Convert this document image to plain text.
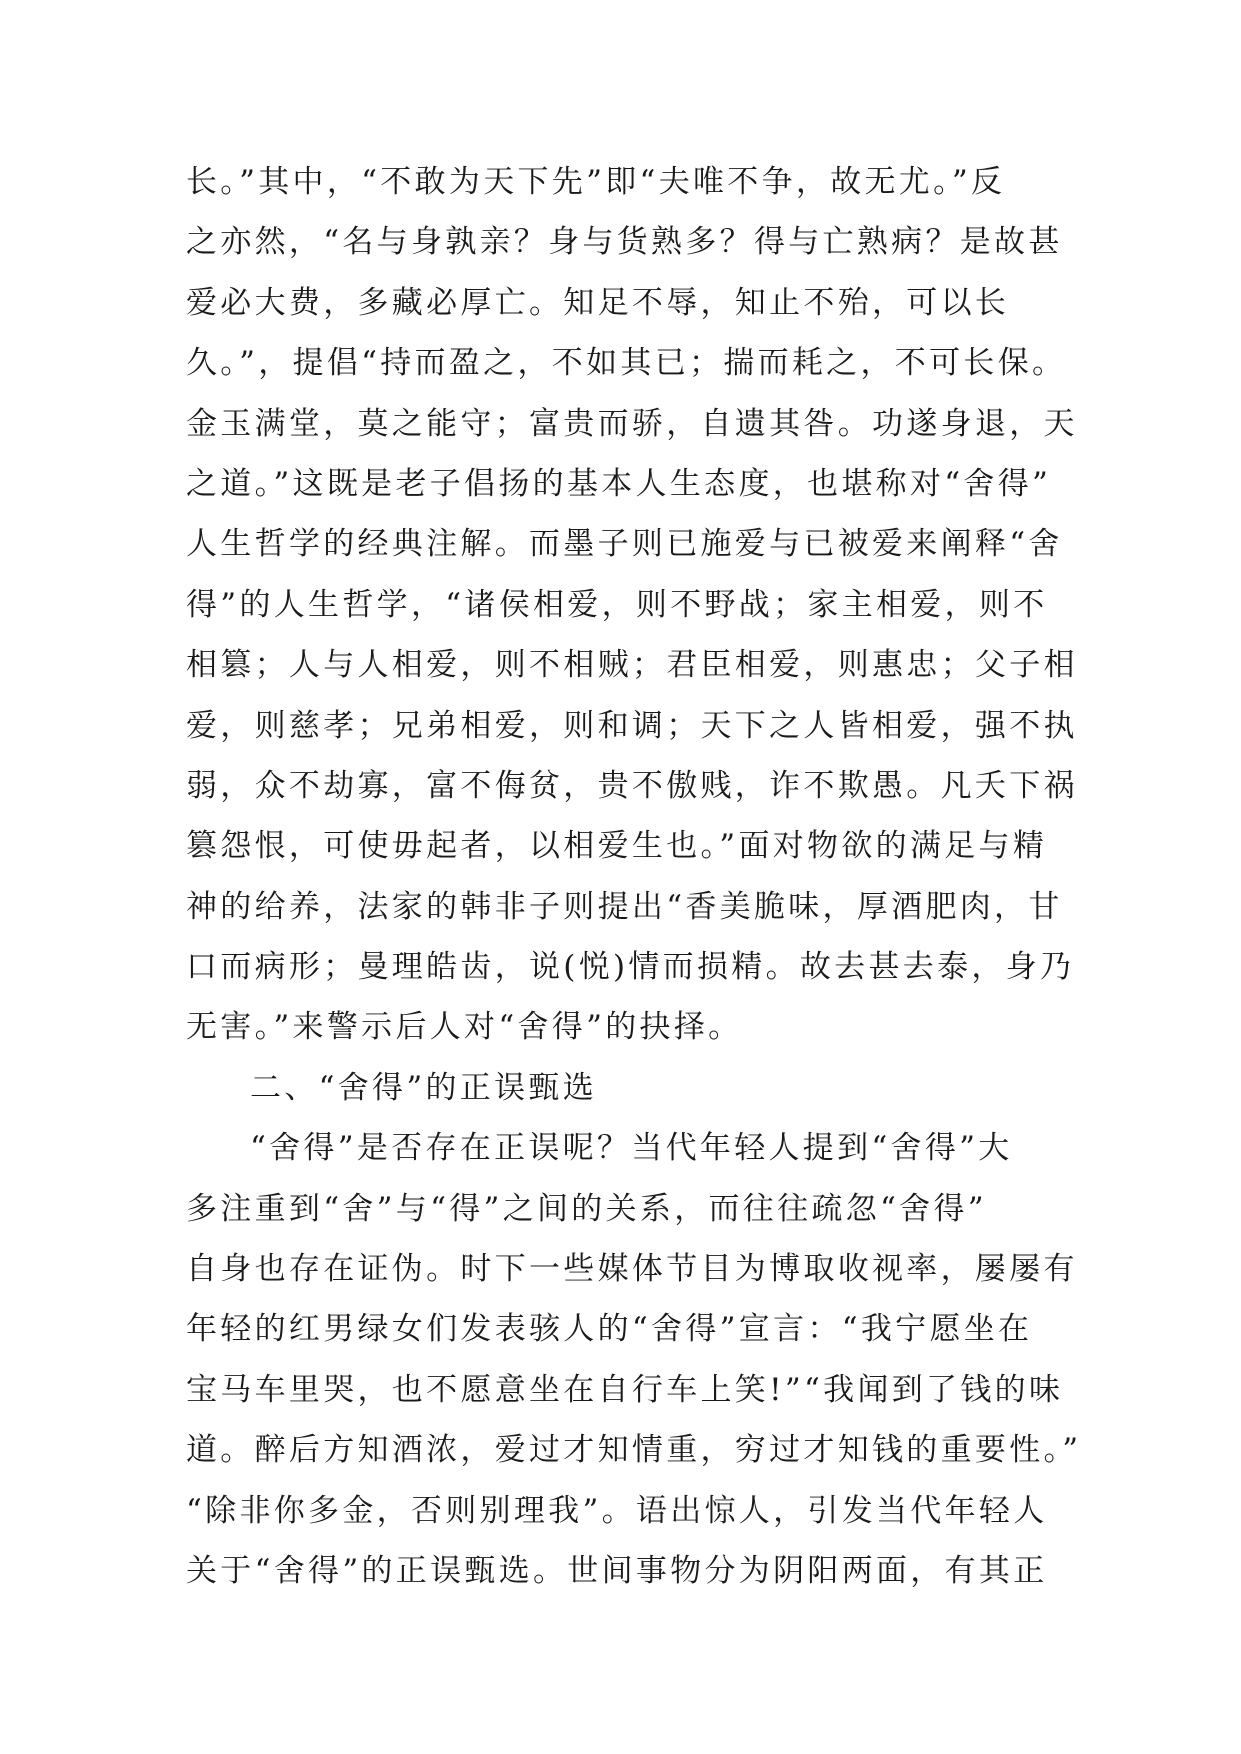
长。”其中，“不敢为天下先”即“夫唯不争，故无尤。”反
之亦然，“名与身孰亲？身与货熟多？得与亡熟病？是故甚
爱必大费，多藏必厚亡。知足不辱，知止不殆，可以长
久。”，提倡“持而盈之，不如其已；揣而耗之，不可长保。
金玉满堂，莫之能守；富贵而骄，自遗其咎。功遂身退，天
之道。”这既是老子倡扬的基本人生态度，也堪称对“舍得”
人生哲学的经典注解。而墨子则已施爱与已被爱来阐释“舍
得”的人生哲学，“诸侯相爱，则不野战；家主相爱，则不
相篡；人与人相爱，则不相贼；君臣相爱，则惠忠；父子相
爱，则慈孝；兄弟相爱，则和调；天下之人皆相爱，强不执
弱，众不劫寡，富不侮贫，贵不傲贱，诈不欺愚。凡夭下祸
篡怨恨，可使毋起者，以相爱生也。”面对物欲的满足与精
神的给养，法家的韩非子则提出“香美脆味，厚酒肥肉，甘
口而病形；曼理皓齿，说(悦)情而损精。故去甚去泰，身乃
无害。”来警示后人对“舍得”的抉择。
二、“舍得”的正误甄选
“舍得”是否存在正误呢？当代年轻人提到“舍得”大
多注重到“舍”与“得”之间的关系，而往往疏忽“舍得”
自身也存在证伪。时下一些媒体节目为博取收视率，屡屡有
年轻的红男绿女们发表骇人的“舍得”宣言：“我宁愿坐在
宝马车里哭，也不愿意坐在自行车上笑!”“我闻到了钱的味
道。醉后方知酒浓，爱过才知情重，穷过才知钱的重要性。”
“除非你多金，否则别理我”。语出惊人，引发当代年轻人
关于“舍得”的正误甄选。世间事物分为阴阳两面，有其正
